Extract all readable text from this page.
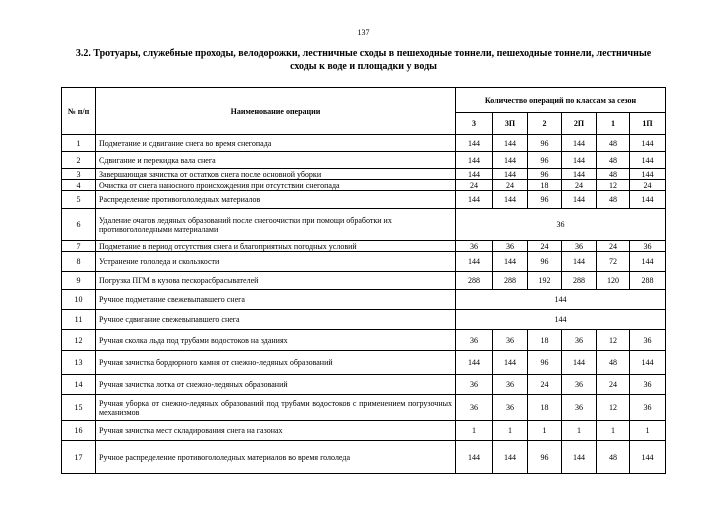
137
3.2. Тротуары, служебные проходы, велодорожки, лестничные сходы в пешеходные тоннели, пешеходные тоннели, лестничные сходы к воде и площадки у воды
№ п/п	Наименование операции	Количество операций по классам за сезон					
		3	3П	2	2П	1	1П
1	Подметание и сдвигание снега во время снегопада	144	144	96	144	48	144
2	Сдвигание и перекидка вала снега	144	144	96	144	48	144
3	Завершающая зачистка от остатков снега после основной уборки	144	144	96	144	48	144
4	Очистка от снега наносного происхождения при отсутствии снегопада	24	24	18	24	12	24
5	Распределение противогололедных материалов	144	144	96	144	48	144
6	Удаление очагов ледяных образований после снегоочистки при помощи обработки их противогололедными материалами	36					
7	Подметание в период отсутствия снега и благоприятных погодных условий	36	36	24	36	24	36
8	Устранение гололеда и скользкости	144	144	96	144	72	144
9	Погрузка ПГМ в кузова пескорасбрасывателей	288	288	192	288	120	288
10	Ручное подметание свежевыпавшего снега	144					
11	Ручное сдвигание свежевыпавшего снега	144					
12	Ручная сколка льда под трубами водостоков на зданиях	36	36	18	36	12	36
13	Ручная зачистка бордюрного камня от снежно-ледяных образований	144	144	96	144	48	144
14	Ручная зачистка лотка от снежно-ледяных образований	36	36	24	36	24	36
15	Ручная уборка от снежно-ледяных образований под трубами водостоков с применением погрузочных механизмов	36	36	18	36	12	36
16	Ручная зачистка мест складирования снега на газонах	1	1	1	1	1	1
17	Ручное распределение противогололедных материалов во время гололеда	144	144	96	144	48	144
